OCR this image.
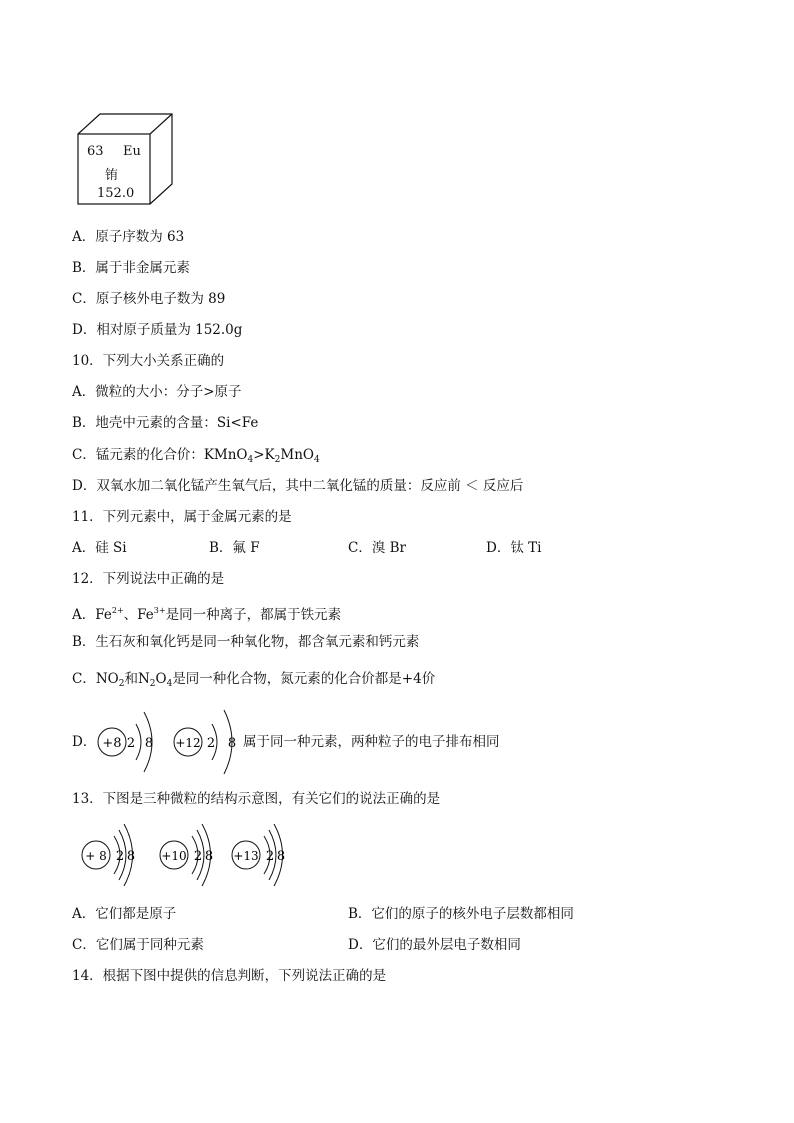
63 Eu
铕
152.0
A．原子序数为 63
B．属于非金属元素
C．原子核外电子数为 89
D．相对原子质量为 152.0g
10．下列大小关系正确的
A．微粒的大小：分子>原子
B．地壳中元素的含量：Si<Fe
C．锰元素的化合价：$KMnO_4>K_2MnO_4$
D．双氧水加二氧化锰产生氧气后，其中二氧化锰的质量：反应前 ＜ 反应后
11．下列元素中，属于金属元素的是
A．硅 Si	B．氟 F	C．溴 Br	D．钛 Ti
12．下列说法中正确的是
A．$Fe^{2+}$、$Fe^{3+}$是同一种离子，都属于铁元素
B．生石灰和氧化钙是同一种氧化物，都含氧元素和钙元素
C．$NO_2$和$N_2O_4$是同一种化合物，氮元素的化合价都是+4价
D． +8 2 8 +12 2 8 属于同一种元素，两种粒子的电子排布相同
13．下图是三种微粒的结构示意图，有关它们的说法正确的是
+ 8 2 8 +10 2 8 +13 2 8
A．它们都是原子	B．它们的原子的核外电子层数都相同
C．它们属于同种元素	D．它们的最外层电子数相同
14．根据下图中提供的信息判断，下列说法正确的是
